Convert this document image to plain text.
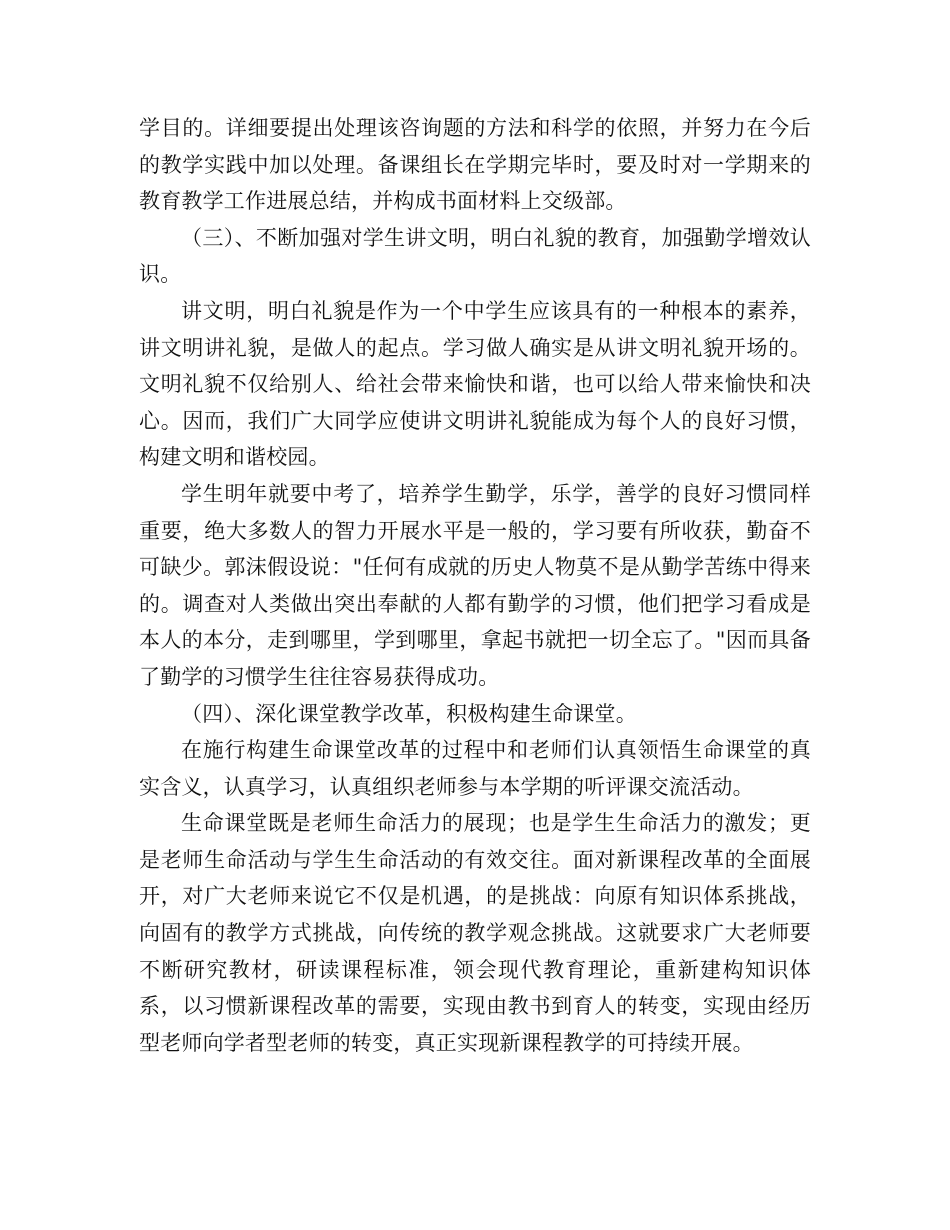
学目的。详细要提出处理该咨询题的方法和科学的依照，并努力在今后的教学实践中加以处理。备课组长在学期完毕时，要及时对一学期来的教育教学工作进展总结，并构成书面材料上交级部。

（三）、不断加强对学生讲文明，明白礼貌的教育，加强勤学增效认识。

讲文明，明白礼貌是作为一个中学生应该具有的一种根本的素养，讲文明讲礼貌，是做人的起点。学习做人确实是从讲文明礼貌开场的。文明礼貌不仅给别人、给社会带来愉快和谐，也可以给人带来愉快和决心。因而，我们广大同学应使讲文明讲礼貌能成为每个人的良好习惯，构建文明和谐校园。

学生明年就要中考了，培养学生勤学，乐学，善学的良好习惯同样重要，绝大多数人的智力开展水平是一般的，学习要有所收获，勤奋不可缺少。郭沫假设说："任何有成就的历史人物莫不是从勤学苦练中得来的。调查对人类做出突出奉献的人都有勤学的习惯，他们把学习看成是本人的本分，走到哪里，学到哪里，拿起书就把一切全忘了。"因而具备了勤学的习惯学生往往容易获得成功。

（四）、深化课堂教学改革，积极构建生命课堂。

在施行构建生命课堂改革的过程中和老师们认真领悟生命课堂的真实含义，认真学习，认真组织老师参与本学期的听评课交流活动。

生命课堂既是老师生命活力的展现；也是学生生命活力的激发；更是老师生命活动与学生生命活动的有效交往。面对新课程改革的全面展开，对广大老师来说它不仅是机遇，的是挑战：向原有知识体系挑战，向固有的教学方式挑战，向传统的教学观念挑战。这就要求广大老师要不断研究教材，研读课程标准，领会现代教育理论，重新建构知识体系，以习惯新课程改革的需要，实现由教书到育人的转变，实现由经历型老师向学者型老师的转变，真正实现新课程教学的可持续开展。
